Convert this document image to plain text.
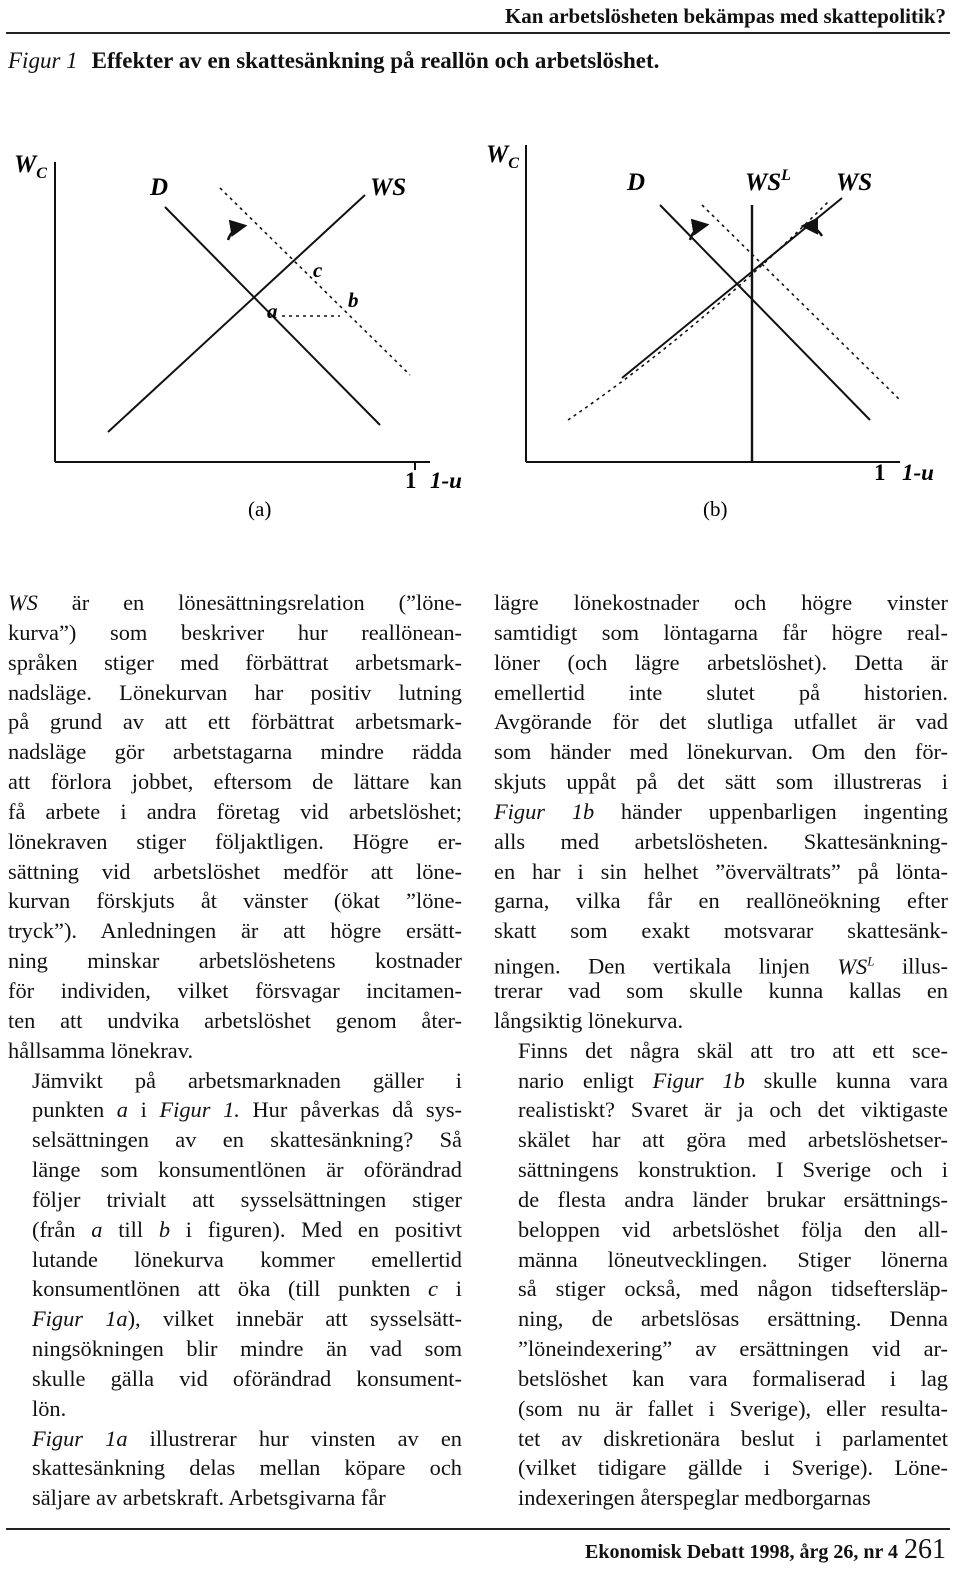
Kan arbetslösheten bekämpas med skattepolitik?
Figur 1 Effekter av en skattesänkning på reallön och arbetslöshet.
$W_C$
D	WS
a	b
c
1 1-u
(a)
$W_C$
D	$WS^L$ WS
1 1-u
(b)

WS är en lönesättningsrelation (”löne-
kurva”) som beskriver hur reallönean-
språken stiger med förbättrat arbetsmark-
nadsläge. Lönekurvan har positiv lutning
på grund av att ett förbättrat arbetsmark-
nadsläge gör arbetstagarna mindre rädda
att förlora jobbet, eftersom de lättare kan
få arbete i andra företag vid arbetslöshet;
lönekraven stiger följaktligen. Högre er-
sättning vid arbetslöshet medför att löne-
kurvan förskjuts åt vänster (ökat ”löne-
tryck”). Anledningen är att högre ersätt-
ning minskar arbetslöshetens kostnader
för individen, vilket försvagar incitamen-
ten att undvika arbetslöshet genom åter-
hållsamma lönekrav.

Jämvikt på arbetsmarknaden gäller i
punkten a i Figur 1. Hur påverkas då sys-
selsättningen av en skattesänkning? Så
länge som konsumentlönen är oförändrad
följer trivialt att sysselsättningen stiger
(från a till b i figuren). Med en positivt
lutande lönekurva kommer emellertid
konsumentlönen att öka (till punkten c i
Figur 1a), vilket innebär att sysselsätt-
ningsökningen blir mindre än vad som
skulle gälla vid oförändrad konsument-
lön.

Figur 1a illustrerar hur vinsten av en
skattesänkning delas mellan köpare och
säljare av arbetskraft. Arbetsgivarna får

lägre lönekostnader och högre vinster
samtidigt som löntagarna får högre real-
löner (och lägre arbetslöshet). Detta är
emellertid inte slutet på historien.
Avgörande för det slutliga utfallet är vad
som händer med lönekurvan. Om den för-
skjuts uppåt på det sätt som illustreras i
Figur 1b händer uppenbarligen ingenting
alls med arbetslösheten. Skattesänkning-
en har i sin helhet ”övervältrats” på lönta-
garna, vilka får en reallöneökning efter
skatt som exakt motsvarar skattesänk-
ningen. Den vertikala linjen $WS^L$ illus-
trerar vad som skulle kunna kallas en
långsiktig lönekurva.

Finns det några skäl att tro att ett sce-
nario enligt Figur 1b skulle kunna vara
realistiskt? Svaret är ja och det viktigaste
skälet har att göra med arbetslöshetser-
sättningens konstruktion. I Sverige och i
de flesta andra länder brukar ersättnings-
beloppen vid arbetslöshet följa den all-
männa löneutvecklingen. Stiger lönerna
så stiger också, med någon tidseftersläp-
ning, de arbetslösas ersättning. Denna
”löneindexering” av ersättningen vid ar-
betslöshet kan vara formaliserad i lag
(som nu är fallet i Sverige), eller resulta-
tet av diskretionära beslut i parlamentet
(vilket tidigare gällde i Sverige). Löne-
indexeringen återspeglar medborgarnas

Ekonomisk Debatt 1998, årg 26, nr 4 261
